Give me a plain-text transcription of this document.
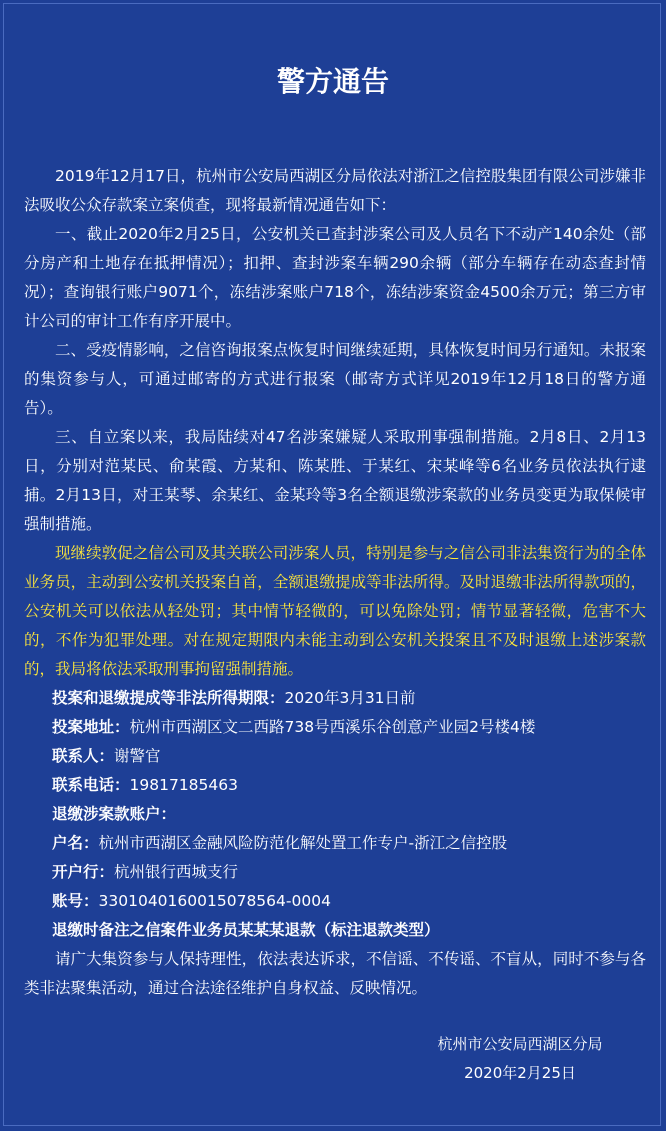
警方通告

2019年12月17日，杭州市公安局西湖区分局依法对浙江之信控股集团有限公司涉嫌非法吸收公众存款案立案侦查，现将最新情况通告如下：

一、截止2020年2月25日，公安机关已查封涉案公司及人员名下不动产140余处（部分房产和土地存在抵押情况）；扣押、查封涉案车辆290余辆（部分车辆存在动态查封情况）；查询银行账户9071个，冻结涉案账户718个，冻结涉案资金4500余万元；第三方审计公司的审计工作有序开展中。

二、受疫情影响，之信咨询报案点恢复时间继续延期，具体恢复时间另行通知。未报案的集资参与人，可通过邮寄的方式进行报案（邮寄方式详见2019年12月18日的警方通告）。

三、自立案以来，我局陆续对47名涉案嫌疑人采取刑事强制措施。2月8日、2月13日，分别对范某民、俞某霞、方某和、陈某胜、于某红、宋某峰等6名业务员依法执行逮捕。2月13日，对王某琴、余某红、金某玲等3名全额退缴涉案款的业务员变更为取保候审强制措施。

现继续敦促之信公司及其关联公司涉案人员，特别是参与之信公司非法集资行为的全体业务员，主动到公安机关投案自首，全额退缴提成等非法所得。及时退缴非法所得款项的，公安机关可以依法从轻处罚；其中情节轻微的，可以免除处罚；情节显著轻微，危害不大的，不作为犯罪处理。对在规定期限内未能主动到公安机关投案且不及时退缴上述涉案款的，我局将依法采取刑事拘留强制措施。

投案和退缴提成等非法所得期限：2020年3月31日前
投案地址：杭州市西湖区文二西路738号西溪乐谷创意产业园2号楼4楼
联系人：谢警官
联系电话：19817185463
退缴涉案款账户：
户名：杭州市西湖区金融风险防范化解处置工作专户-浙江之信控股
开户行：杭州银行西城支行
账号：3301040160015078564-0004
退缴时备注之信案件业务员某某某退款（标注退款类型）

请广大集资参与人保持理性，依法表达诉求，不信谣、不传谣、不盲从，同时不参与各类非法聚集活动，通过合法途径维护自身权益、反映情况。

杭州市公安局西湖区分局
2020年2月25日
